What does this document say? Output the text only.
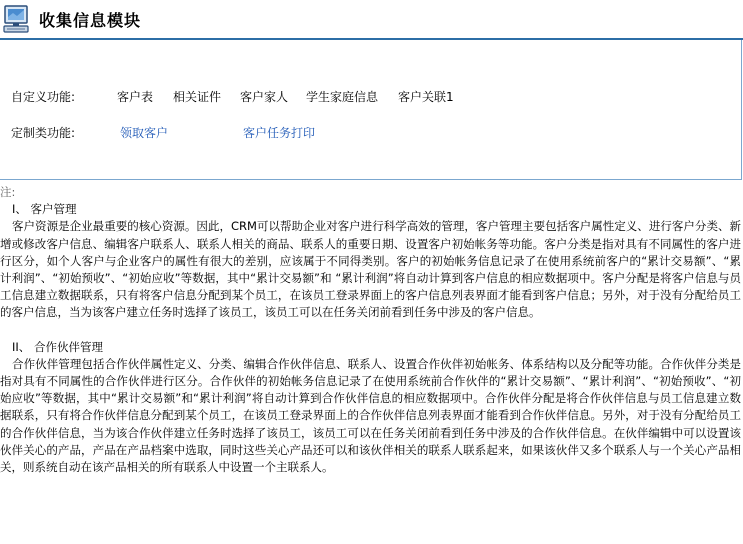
收集信息模块
自定义功能:	客户表 相关证件 客户家人 学生家庭信息 客户关联1
定制类功能:	领取客户	客户任务打印
注:
I、 客户管理

客户资源是企业最重要的核心资源。因此，CRM可以帮助企业对客户进行科学高效的管理，客户管理主要包括客户属性定义、进行客户分类、新增或修改客户信息、编辑客户联系人、联系人相关的商品、联系人的重要日期、设置客户初始帐务等功能。客户分类是指对具有不同属性的客户进行区分，如个人客户与企业客户的属性有很大的差别，应该属于不同得类别。客户的初始帐务信息记录了在使用系统前客户的“累计交易额”、“累计利润”、“初始预收”、“初始应收”等数据，其中“累计交易额”和 “累计利润”将自动计算到客户信息的相应数据项中。客户分配是将客户信息与员工信息建立数据联系，只有将客户信息分配到某个员工，在该员工登录界面上的客户信息列表界面才能看到客户信息；另外，对于没有分配给员工的客户信息，当为该客户建立任务时选择了该员工，该员工可以在任务关闭前看到任务中涉及的客户信息。

II、 合作伙伴管理

合作伙伴管理包括合作伙伴属性定义、分类、编辑合作伙伴信息、联系人、设置合作伙伴初始帐务、体系结构以及分配等功能。合作伙伴分类是指对具有不同属性的合作伙伴进行区分。合作伙伴的初始帐务信息记录了在使用系统前合作伙伴的“累计交易额”、“累计利润”、“初始预收”、“初始应收”等数据，其中“累计交易额”和“累计利润”将自动计算到合作伙伴信息的相应数据项中。合作伙伴分配是将合作伙伴信息与员工信息建立数据联系，只有将合作伙伴信息分配到某个员工，在该员工登录界面上的合作伙伴信息列表界面才能看到合作伙伴信息。另外，对于没有分配给员工的合作伙伴信息，当为该合作伙伴建立任务时选择了该员工，该员工可以在任务关闭前看到任务中涉及的合作伙伴信息。在伙伴编辑中可以设置该伙伴关心的产品，产品在产品档案中选取，同时这些关心产品还可以和该伙伴相关的联系人联系起来，如果该伙伴又多个联系人与一个关心产品相关，则系统自动在该产品相关的所有联系人中设置一个主联系人。
